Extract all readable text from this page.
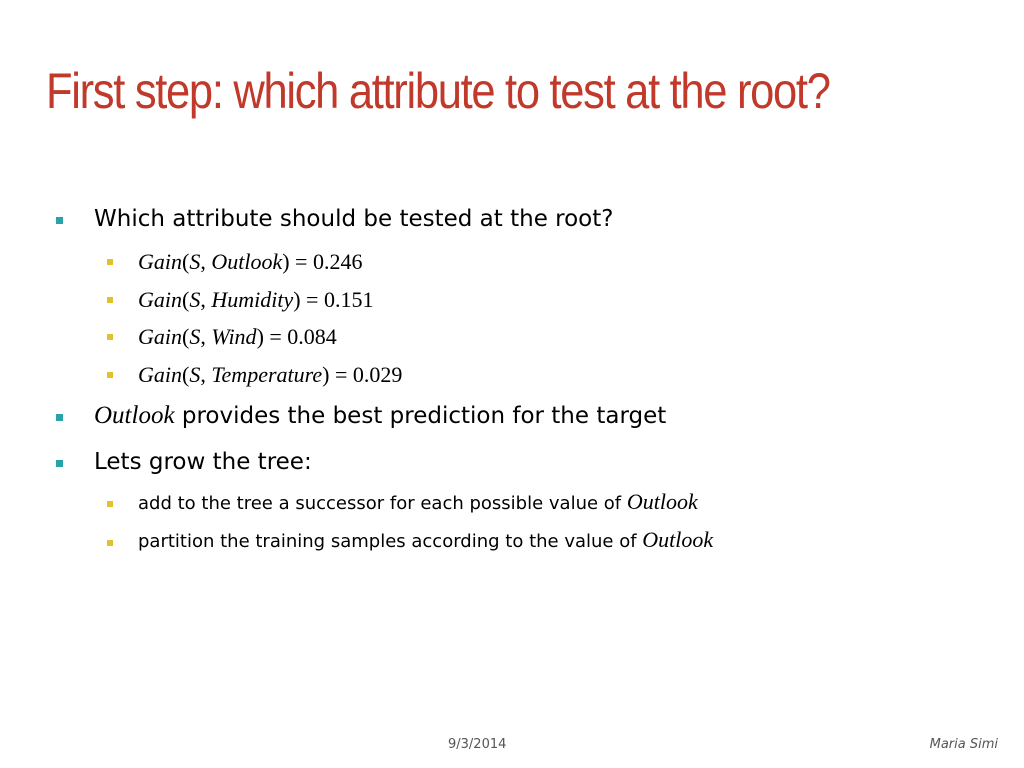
First step: which attribute to test at the root?
Which attribute should be tested at the root?
Gain(S, Outlook) = 0.246
Gain(S, Humidity) = 0.151
Gain(S, Wind) = 0.084
Gain(S, Temperature) = 0.029
Outlook provides the best prediction for the target
Lets grow the tree:
add to the tree a successor for each possible value of Outlook
partition the training samples according to the value of Outlook
9/3/2014	Maria Simi
